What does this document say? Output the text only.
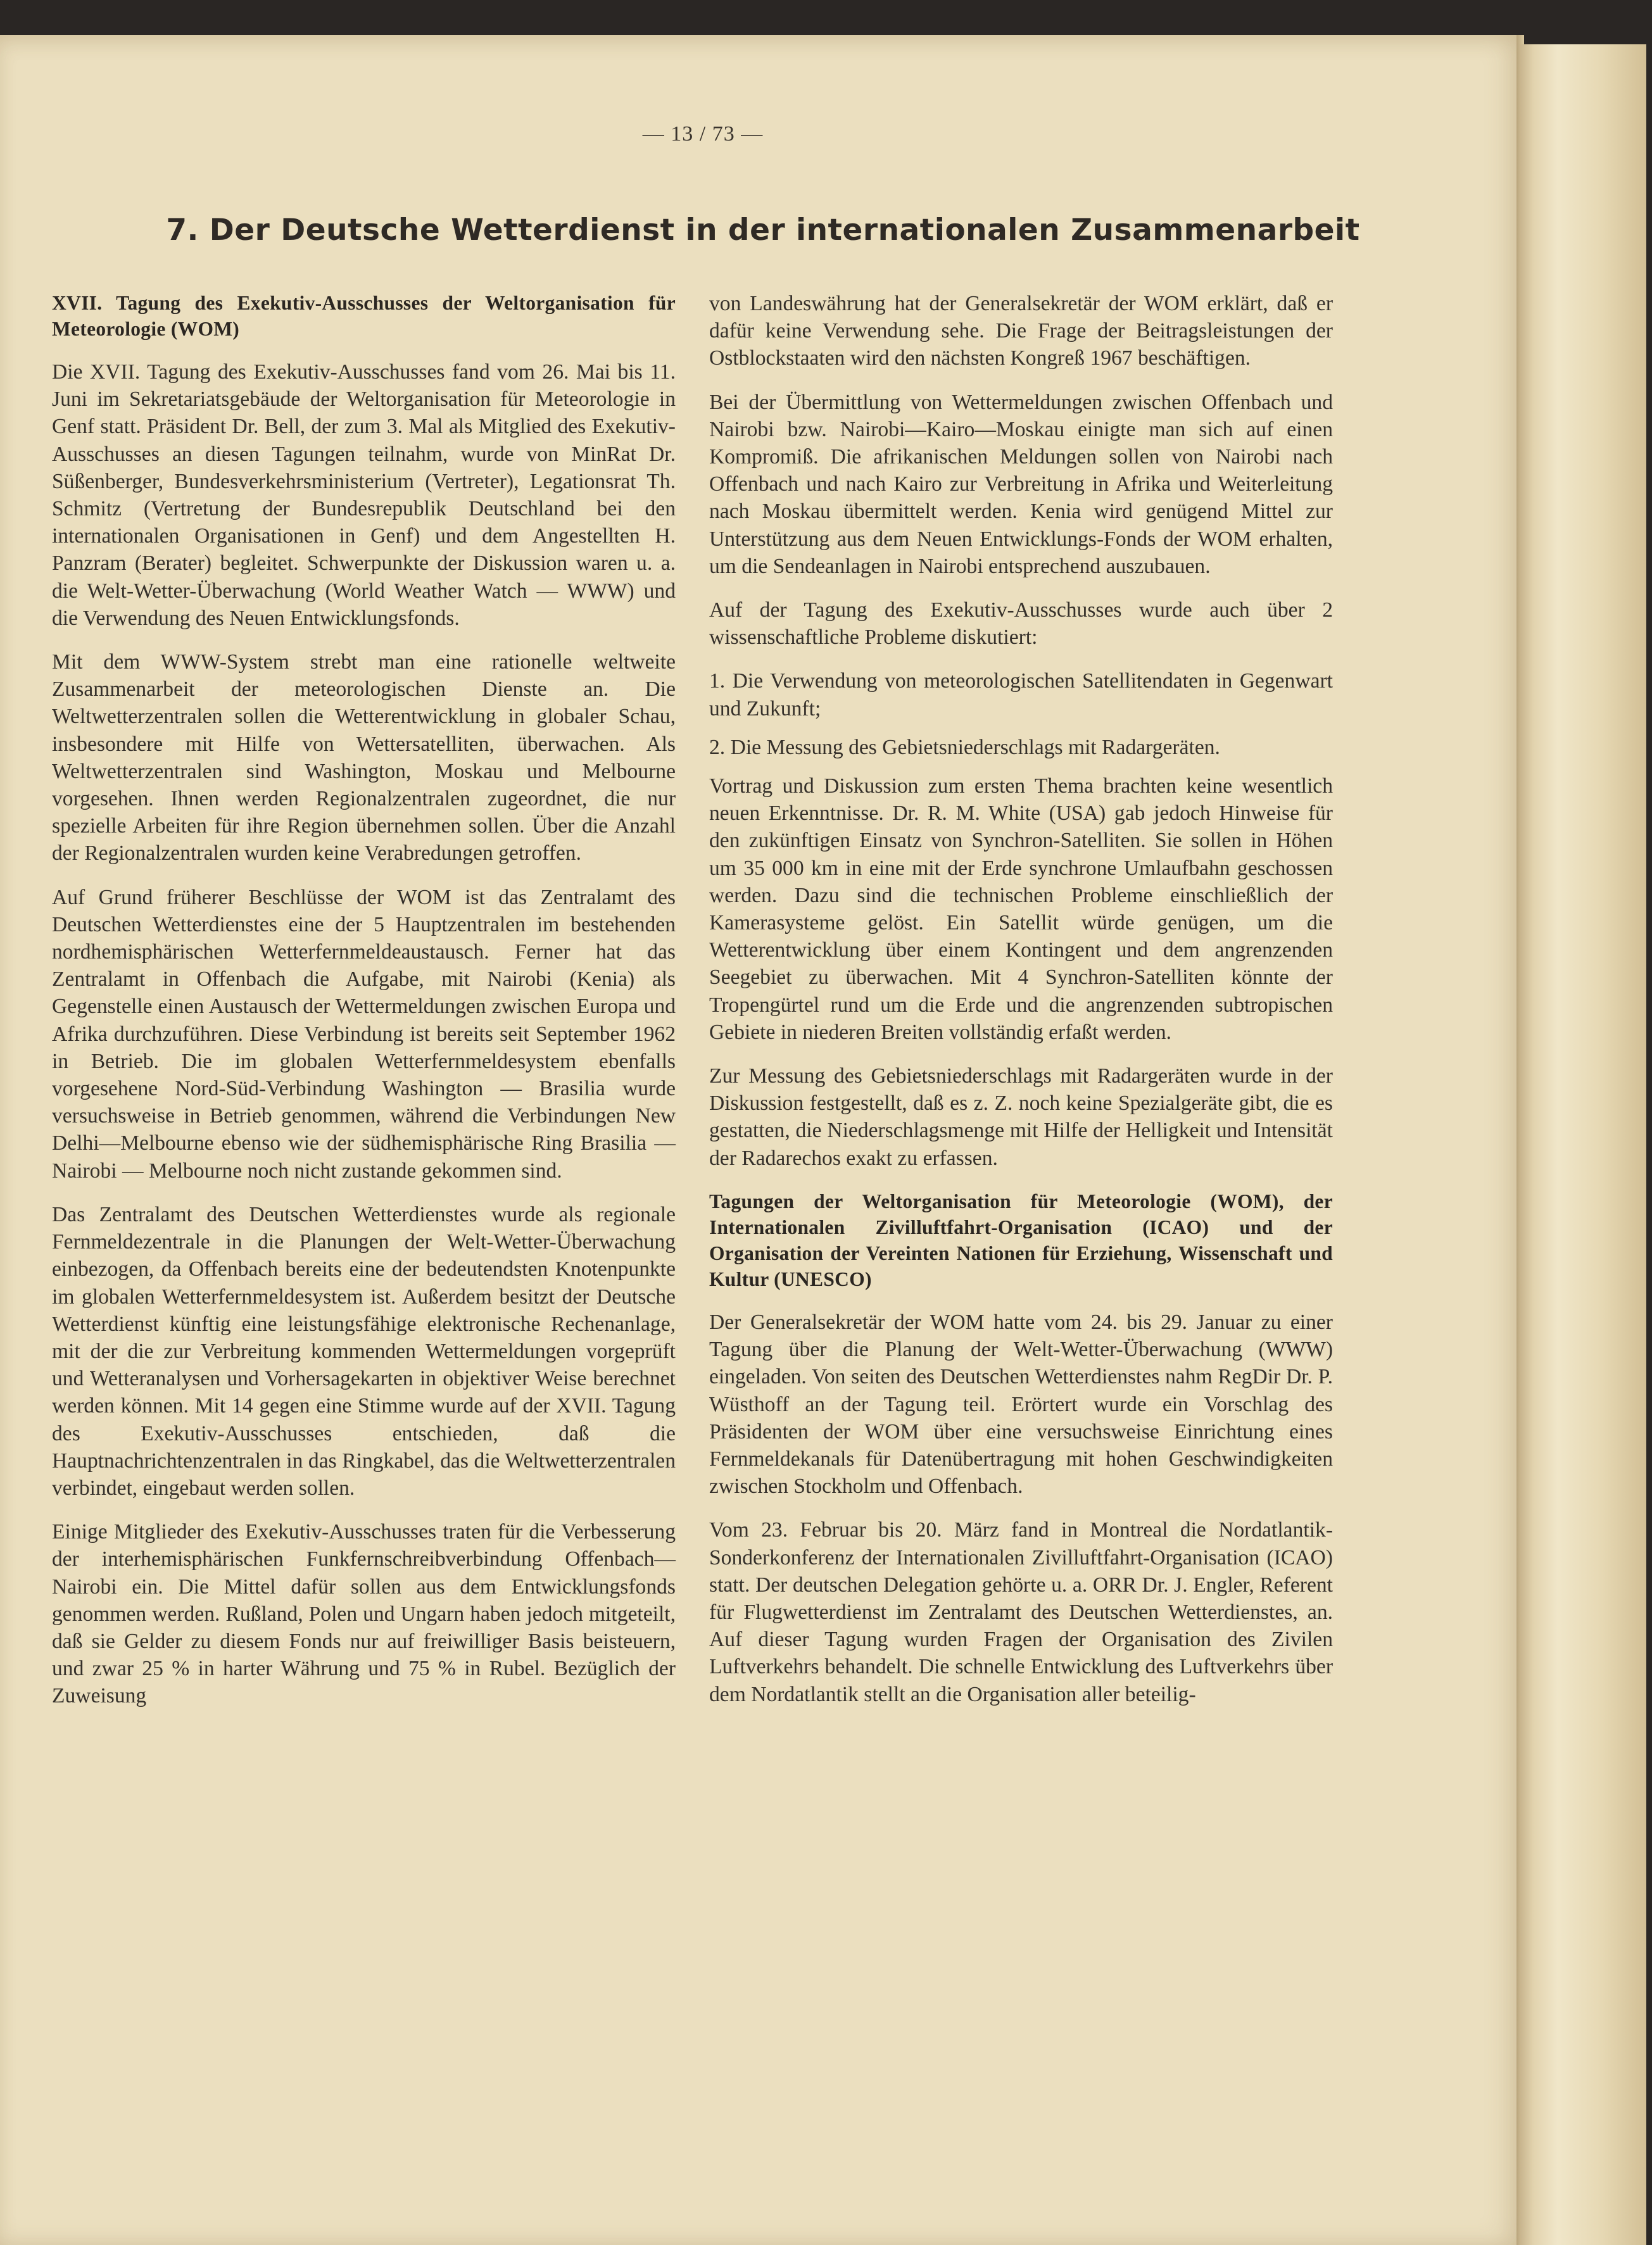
— 13 / 73 —
7. Der Deutsche Wetterdienst in der internationalen Zusammenarbeit

XVII. Tagung des Exekutiv-Ausschusses der Weltorganisation für Meteorologie (WOM)

Die XVII. Tagung des Exekutiv-Ausschusses fand vom 26. Mai bis 11. Juni im Sekretariatsgebäude der Weltorganisation für Meteorologie in Genf statt. Präsident Dr. Bell, der zum 3. Mal als Mitglied des Exekutiv-Ausschusses an diesen Tagungen teilnahm, wurde von MinRat Dr. Süßenberger, Bundesverkehrsministerium (Vertreter), Legationsrat Th. Schmitz (Vertretung der Bundesrepublik Deutschland bei den internationalen Organisationen in Genf) und dem Angestellten H. Panzram (Berater) begleitet. Schwerpunkte der Diskussion waren u. a. die Welt-Wetter-Überwachung (World Weather Watch — WWW) und die Verwendung des Neuen Entwicklungsfonds.

Mit dem WWW-System strebt man eine rationelle weltweite Zusammenarbeit der meteorologischen Dienste an. Die Weltwetterzentralen sollen die Wetterentwicklung in globaler Schau, insbesondere mit Hilfe von Wettersatelliten, überwachen. Als Weltwetterzentralen sind Washington, Moskau und Melbourne vorgesehen. Ihnen werden Regionalzentralen zugeordnet, die nur spezielle Arbeiten für ihre Region übernehmen sollen. Über die Anzahl der Regionalzentralen wurden keine Verabredungen getroffen.

Auf Grund früherer Beschlüsse der WOM ist das Zentralamt des Deutschen Wetterdienstes eine der 5 Hauptzentralen im bestehenden nordhemisphärischen Wetterfernmeldeaustausch. Ferner hat das Zentralamt in Offenbach die Aufgabe, mit Nairobi (Kenia) als Gegenstelle einen Austausch der Wettermeldungen zwischen Europa und Afrika durchzuführen. Diese Verbindung ist bereits seit September 1962 in Betrieb. Die im globalen Wetterfernmeldesystem ebenfalls vorgesehene Nord-Süd-Verbindung Washington — Brasilia wurde versuchsweise in Betrieb genommen, während die Verbindungen New Delhi—Melbourne ebenso wie der südhemisphärische Ring Brasilia — Nairobi — Melbourne noch nicht zustande gekommen sind.

Das Zentralamt des Deutschen Wetterdienstes wurde als regionale Fernmeldezentrale in die Planungen der Welt-Wetter-Überwachung einbezogen, da Offenbach bereits eine der bedeutendsten Knotenpunkte im globalen Wetterfernmeldesystem ist. Außerdem besitzt der Deutsche Wetterdienst künftig eine leistungsfähige elektronische Rechenanlage, mit der die zur Verbreitung kommenden Wettermeldungen vorgeprüft und Wetteranalysen und Vorhersagekarten in objektiver Weise berechnet werden können. Mit 14 gegen eine Stimme wurde auf der XVII. Tagung des Exekutiv-Ausschusses entschieden, daß die Hauptnachrichtenzentralen in das Ringkabel, das die Weltwetterzentralen verbindet, eingebaut werden sollen.

Einige Mitglieder des Exekutiv-Ausschusses traten für die Verbesserung der interhemisphärischen Funkfernschreibverbindung Offenbach—Nairobi ein. Die Mittel dafür sollen aus dem Entwicklungsfonds genommen werden. Rußland, Polen und Ungarn haben jedoch mitgeteilt, daß sie Gelder zu diesem Fonds nur auf freiwilliger Basis beisteuern, und zwar 25 % in harter Währung und 75 % in Rubel. Bezüglich der Zuweisung

von Landeswährung hat der Generalsekretär der WOM erklärt, daß er dafür keine Verwendung sehe. Die Frage der Beitragsleistungen der Ostblockstaaten wird den nächsten Kongreß 1967 beschäftigen.

Bei der Übermittlung von Wettermeldungen zwischen Offenbach und Nairobi bzw. Nairobi—Kairo—Moskau einigte man sich auf einen Kompromiß. Die afrikanischen Meldungen sollen von Nairobi nach Offenbach und nach Kairo zur Verbreitung in Afrika und Weiterleitung nach Moskau übermittelt werden. Kenia wird genügend Mittel zur Unterstützung aus dem Neuen Entwicklungs-Fonds der WOM erhalten, um die Sendeanlagen in Nairobi entsprechend auszubauen.

Auf der Tagung des Exekutiv-Ausschusses wurde auch über 2 wissenschaftliche Probleme diskutiert:

1. Die Verwendung von meteorologischen Satellitendaten in Gegenwart und Zukunft;

2. Die Messung des Gebietsniederschlags mit Radargeräten.

Vortrag und Diskussion zum ersten Thema brachten keine wesentlich neuen Erkenntnisse. Dr. R. M. White (USA) gab jedoch Hinweise für den zukünftigen Einsatz von Synchron-Satelliten. Sie sollen in Höhen um 35 000 km in eine mit der Erde synchrone Umlaufbahn geschossen werden. Dazu sind die technischen Probleme einschließlich der Kamerasysteme gelöst. Ein Satellit würde genügen, um die Wetterentwicklung über einem Kontingent und dem angrenzenden Seegebiet zu überwachen. Mit 4 Synchron-Satelliten könnte der Tropengürtel rund um die Erde und die angrenzenden subtropischen Gebiete in niederen Breiten vollständig erfaßt werden.

Zur Messung des Gebietsniederschlags mit Radargeräten wurde in der Diskussion festgestellt, daß es z. Z. noch keine Spezialgeräte gibt, die es gestatten, die Niederschlagsmenge mit Hilfe der Helligkeit und Intensität der Radarechos exakt zu erfassen.

Tagungen der Weltorganisation für Meteorologie (WOM), der Internationalen Zivilluftfahrt-Organisation (ICAO) und der Organisation der Vereinten Nationen für Erziehung, Wissenschaft und Kultur (UNESCO)

Der Generalsekretär der WOM hatte vom 24. bis 29. Januar zu einer Tagung über die Planung der Welt-Wetter-Überwachung (WWW) eingeladen. Von seiten des Deutschen Wetterdienstes nahm RegDir Dr. P. Wüsthoff an der Tagung teil. Erörtert wurde ein Vorschlag des Präsidenten der WOM über eine versuchsweise Einrichtung eines Fernmeldekanals für Datenübertragung mit hohen Geschwindigkeiten zwischen Stockholm und Offenbach.

Vom 23. Februar bis 20. März fand in Montreal die Nordatlantik-Sonderkonferenz der Internationalen Zivilluftfahrt-Organisation (ICAO) statt. Der deutschen Delegation gehörte u. a. ORR Dr. J. Engler, Referent für Flugwetterdienst im Zentralamt des Deutschen Wetterdienstes, an. Auf dieser Tagung wurden Fragen der Organisation des Zivilen Luftverkehrs behandelt. Die schnelle Entwicklung des Luftverkehrs über dem Nordatlantik stellt an die Organisation aller beteilig-
